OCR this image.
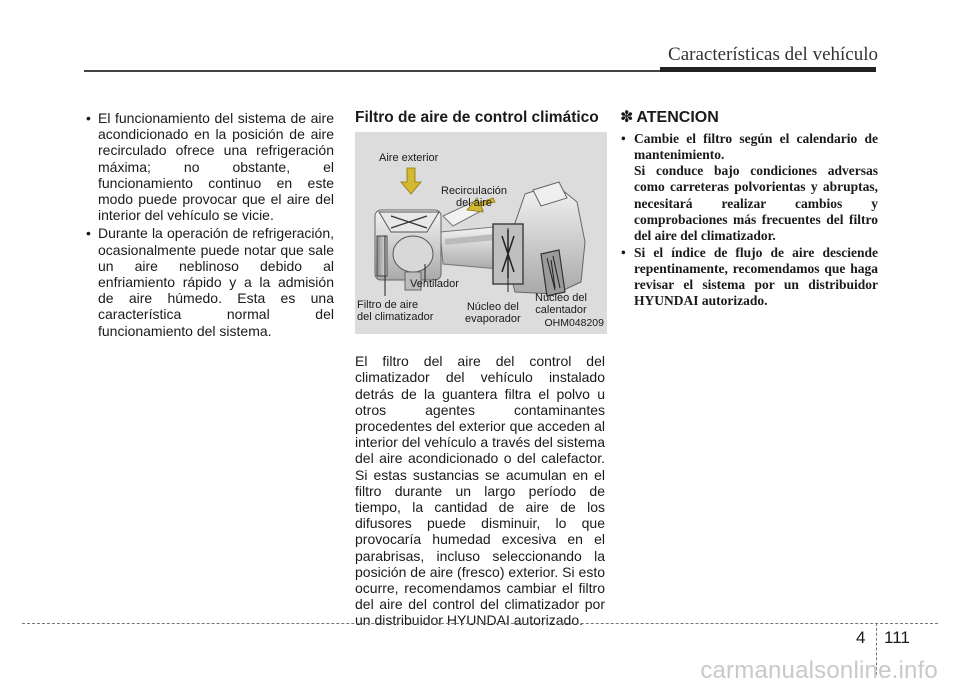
Características del vehículo
• El funcionamiento del sistema de aire acondicionado en la posición de aire recirculado ofrece una refrigeración máxima; no obstante, el funcionamiento continuo en este modo puede provocar que el aire del interior del vehículo se vicie.
• Durante la operación de refrigeración, ocasionalmente puede notar que sale un aire neblinoso debido al enfriamiento rápido y a la admisión de aire húmedo. Esta es una característica normal del funcionamiento del sistema.
Filtro de aire de control climático
Aire exterior
Recirculación
del aire
Ventilador
Filtro de aire
del climatizador
Núcleo del
evaporador
Núcleo del
calentador
OHM048209
El filtro del aire del control del climatizador del vehículo instalado detrás de la guantera filtra el polvo u otros agentes contaminantes procedentes del exterior que acceden al interior del vehículo a través del sistema del aire acondicionado o del calefactor. Si estas sustancias se acumulan en el filtro durante un largo período de tiempo, la cantidad de aire de los difusores puede disminuir, lo que provocaría humedad excesiva en el parabrisas, incluso seleccionando la posición de aire (fresco) exterior. Si esto ocurre, recomendamos cambiar el filtro del aire del control del climatizador por un distribuidor HYUNDAI autorizado.
✽ ATENCION
• Cambie el filtro según el calendario de mantenimiento.
Si conduce bajo condiciones adversas como carreteras polvorientas y abruptas, necesitará realizar cambios y comprobaciones más frecuentes del filtro del aire del climatizador.
• Si el índice de flujo de aire desciende repentinamente, recomendamos que haga revisar el sistema por un distribuidor HYUNDAI autorizado.
4 111
carmanualsonline.info
